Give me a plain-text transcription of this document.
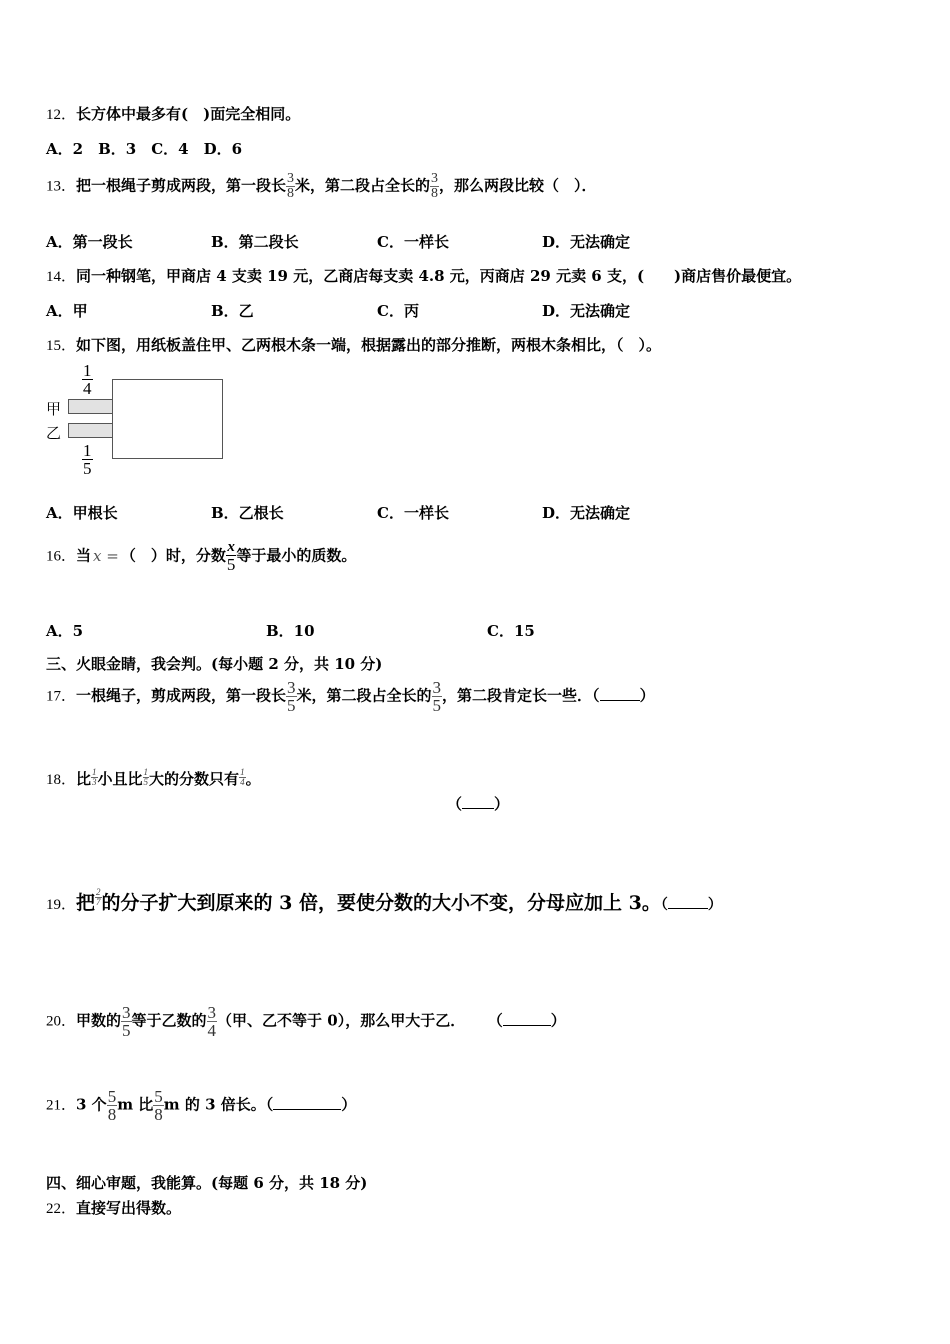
12．长方体中最多有(  )面完全相同。
A．2　B．3　C．4　D．6
13．把一根绳子剪成两段，第一段长 $\frac{3}{8}$ 米，第二段占全长的 $\frac{3}{8}$ ，那么两段比较（　）．
A．第一段长	B．第二段长	C．一样长	D．无法确定
14．同一种钢笔，甲商店 4 支卖 19 元，乙商店每支卖 4.8 元，丙商店 29 元卖 6 支，(　　)商店售价最便宜。
A．甲	B．乙	C．丙	D．无法确定
15．如下图，用纸板盖住甲、乙两根木条一端，根据露出的部分推断，两根木条相比，（　）。
$\frac{1}{4}$
甲
乙
$\frac{1}{5}$
A．甲根长	B．乙根长	C．一样长	D．无法确定
16．当 x = （　）时，分数 $\frac{x}{5}$ 等于最小的质数。
A．5	B．10	C．15
三、火眼金睛，我会判。(每小题 2 分，共 10 分)
17．一根绳子，剪成两段，第一段长 $\frac{3}{5}$ 米，第二段占全长的 $\frac{3}{5}$ ，第二段肯定长一些．（	）
18．比 $\frac{1}{3}$ 小且比 $\frac{1}{5}$ 大的分数只有 $\frac{1}{4}$ 。
（ ）
19．把 $\frac{2}{7}$ 的分子扩大到原来的 3 倍，要使分数的大小不变，分母应加上 3。（	）
20．甲数的 $\frac{3}{5}$ 等于乙数的 $\frac{3}{4}$ （甲、乙不等于 0），那么甲大于乙．   （	）
21．3 个 $\frac{5}{8}$ m 比 $\frac{5}{8}$ m 的 3 倍长。（	）
四、细心审题，我能算。(每题 6 分，共 18 分)
22．直接写出得数。
